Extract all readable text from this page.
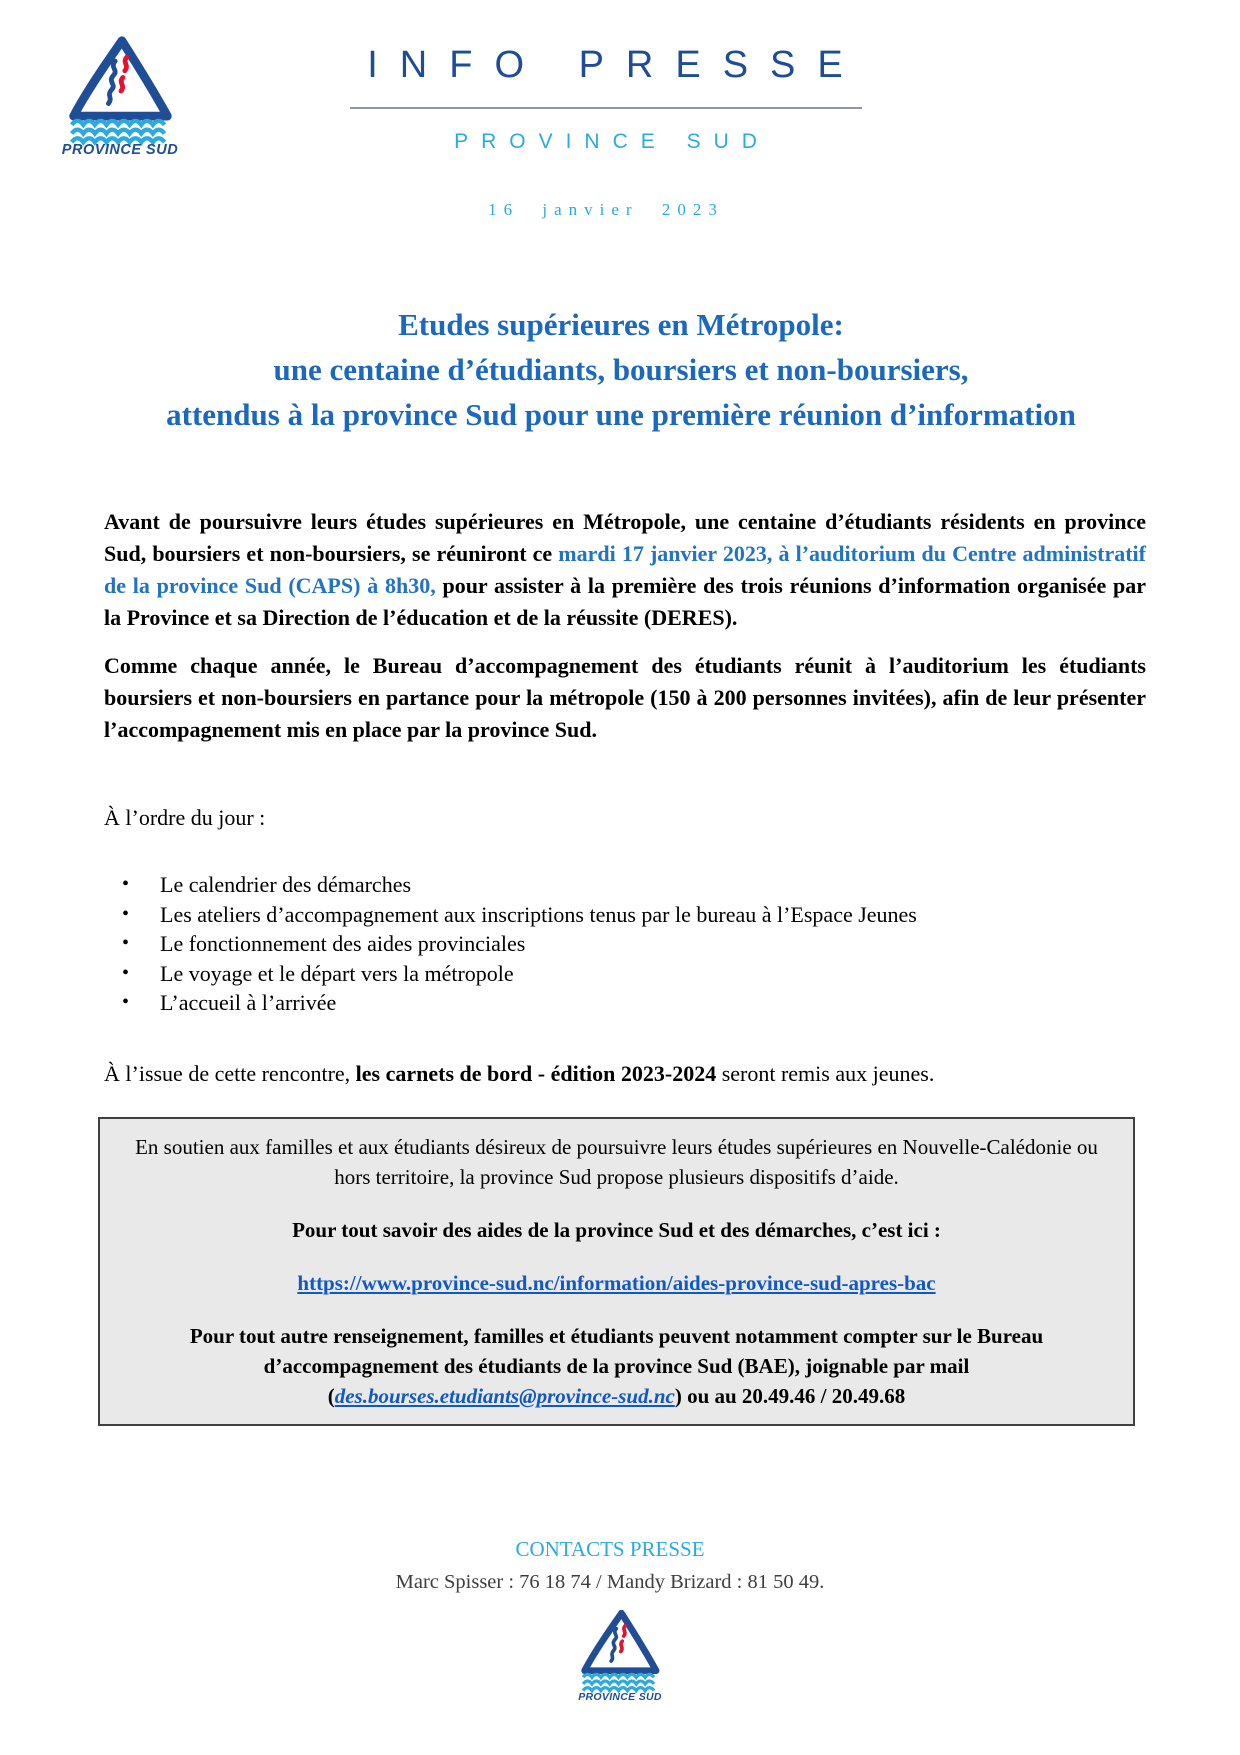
PROVINCE SUD
INFO PRESSE
PROVINCE SUD
16 janvier 2023
Etudes supérieures en Métropole:
une centaine d’étudiants, boursiers et non-boursiers,
attendus à la province Sud pour une première réunion d’information

Avant de poursuivre leurs études supérieures en Métropole, une centaine d’étudiants résidents en province Sud, boursiers et non-boursiers, se réuniront ce mardi 17 janvier 2023, à l’auditorium du Centre administratif de la province Sud (CAPS) à 8h30, pour assister à la première des trois réunions d’information organisée par la Province et sa Direction de l’éducation et de la réussite (DERES).

Comme chaque année, le Bureau d’accompagnement des étudiants réunit à l’auditorium les étudiants boursiers et non-boursiers en partance pour la métropole (150 à 200 personnes invitées), afin de leur présenter l’accompagnement mis en place par la province Sud.

À l’ordre du jour :

• Le calendrier des démarches
• Les ateliers d’accompagnement aux inscriptions tenus par le bureau à l’Espace Jeunes
• Le fonctionnement des aides provinciales
• Le voyage et le départ vers la métropole
• L’accueil à l’arrivée

À l’issue de cette rencontre, les carnets de bord - édition 2023-2024 seront remis aux jeunes.

En soutien aux familles et aux étudiants désireux de poursuivre leurs études supérieures en Nouvelle-Calédonie ou hors territoire, la province Sud propose plusieurs dispositifs d’aide.

Pour tout savoir des aides de la province Sud et des démarches, c’est ici :

https://www.province-sud.nc/information/aides-province-sud-apres-bac

Pour tout autre renseignement, familles et étudiants peuvent notamment compter sur le Bureau d’accompagnement des étudiants de la province Sud (BAE), joignable par mail (des.bourses.etudiants@province-sud.nc) ou au 20.49.46 / 20.49.68

CONTACTS PRESSE
Marc Spisser : 76 18 74 / Mandy Brizard : 81 50 49.
PROVINCE SUD
